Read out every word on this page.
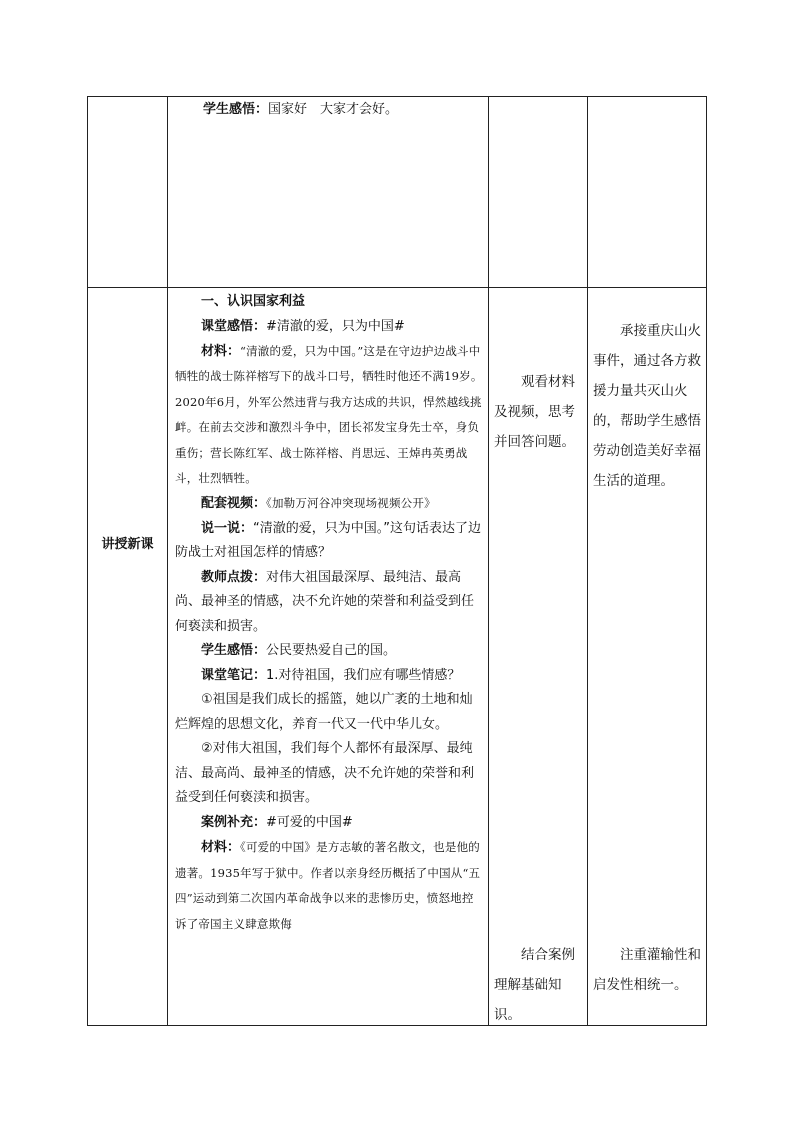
学生感悟：国家好　大家才会好。

讲授新课

一、认识国家利益

课堂感悟：#清澈的爱，只为中国#

材料：“清澈的爱，只为中国。”这是在守边护边战斗中牺牲的战士陈祥榕写下的战斗口号，牺牲时他还不满19岁。2020年6月，外军公然违背与我方达成的共识，悍然越线挑衅。在前去交涉和激烈斗争中，团长祁发宝身先士卒，身负重伤；营长陈红军、战士陈祥榕、肖思远、王焯冉英勇战斗，壮烈牺牲。

配套视频：《加勒万河谷冲突现场视频公开》

说一说：“清澈的爱，只为中国。”这句话表达了边防战士对祖国怎样的情感？

教师点拨：对伟大祖国最深厚、最纯洁、最高尚、最神圣的情感，决不允许她的荣誉和利益受到任何亵渎和损害。

学生感悟：公民要热爱自己的国。

课堂笔记：1.对待祖国，我们应有哪些情感？

①祖国是我们成长的摇篮，她以广袤的土地和灿烂辉煌的思想文化，养育一代又一代中华儿女。

②对伟大祖国，我们每个人都怀有最深厚、最纯洁、最高尚、最神圣的情感，决不允许她的荣誉和利益受到任何亵渎和损害。

案例补充：#可爱的中国#

材料：《可爱的中国》是方志敏的著名散文，也是他的遗著。1935年写于狱中。作者以亲身经历概括了中国从“五四”运动到第二次国内革命战争以来的悲惨历史，愤怒地控诉了帝国主义肆意欺侮

观看材料及视频，思考并回答问题。
结合案例理解基础知识。
承接重庆山火事件，通过各方救援力量共灭山火的，帮助学生感悟劳动创造美好幸福生活的道理。
注重灌输性和启发性相统一。
